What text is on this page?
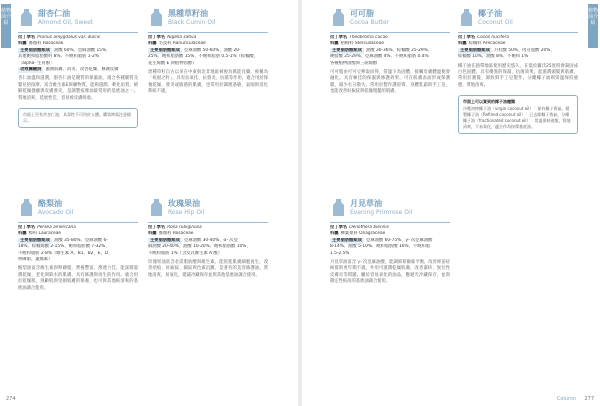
植物油介紹
植物油介紹
甜杏仁油
Almond Oil, Sweet
拉丁學名 Prunus amygdalus var. dulcis
科屬 薔薇科 Rosaceae
主要脂肪酸組成 油酸 60%、亞麻油酸 15%、
其他飽和脂肪酸約 8%，不飽和脂肪 1-2%
〔alpha- 生育酚〕
功效關鍵詞 濕潤肌膚、消炎、改善乾燥、修護皮膚
杏仁油溫和滋潤，甜杏仁油是優質的保濕油，適合各種膚質及嬰兒的按摩。富含維生素E與礦物質，能夠滋潤、軟化角質，緩解乾燥搔癢與皮膚發炎，是調製按摩油最常用的基底油之一。質地清爽、延展性佳，容易被皮膚吸收。
市面上另有苦杏仁油，具毒性不可用於人體。購買時需注意標示。
黑種草籽油
Black Cumin Oil
拉丁學名 Nigella sativa
科屬 毛茛科 Ranunculaceae
主要脂肪酸組成 亞麻油酸 50-60%、油酸 20-
25%、飽和脂肪酸 15%、不飽和脂肪 0.5-1%（棕櫚酸、
花生烯酸 E 與植物固醇）
黑種草籽自古以來在中東與北非地區被視為萬能良藥，被稱為「祝福之籽」。具有抗氧化、抗發炎、抗菌等作用，適合用於保養乾燥、發炎或敏感的肌膚，也常用於調理過敏、氣喘與消化系統不適。
可可脂
Cocoa Butter
拉丁學名 Theobroma cacao
科屬 梧桐科 Sterculiaceae
主要脂肪酸組成 油酸 30-36%、棕櫚酸 25-29%、
硬脂酸 25-29%、亞麻油酸 4%、不飽和脂肪 0.4%
各種植物固醇與三萜烯醇
可可脂由可可豆榨取而得，常溫下為固體，接觸皮膚體溫便會融化。具有極佳的保濕與修護效果，可在肌膚表面形成保護膜，減少水分散失，常用於製作護唇膏、身體乳霜與手工皂，也能改善妊娠紋與乾燥粗糙的肌膚。
椰子油
Coconut Oil
拉丁學名 Cocos nucifera
科屬 棕櫚科 Arecaceae
主要脂肪酸組成 月桂酸 50%、肉荳蔻酸 20%、
棕櫚酸 10%、油酸 8%、不飽和 1%
椰子油在熱帶地區使用歷史悠久，在低於攝氏25度時會凝固成白色固體。具有優異的保濕、抗菌效果，能滋潤頭髮與肌膚，常用於護髮、卸妝與手工皂製作。分餾椰子油則常溫保持液態，質地清爽。
市面上可以買到的椰子油種類
冷壓初榨椰子油（virgin coconut oil）：保有椰子香氣。精製椰子油（Refined coconut oil）：已去除椰子香氣。分餾椰子油（fractionated coconut oil）：常溫保持液態，質地清爽，不易氧化，適合作為按摩基底油。
酪梨油
Avocado Oil
拉丁學名 Persea americana
科屬 樟科 Lauraceae
主要脂肪酸組成 油酸 35-80%、亞麻油酸 6-
18%、棕櫚烯酸 2-15%、飽和脂肪酸 7-32%、
不飽和脂肪 2-8%（維生素 A、B1、B2、E、D、
卵磷脂、葉綠素）
酪梨油富含維生素與卵磷脂，營養豐富，滲透力佳，能深層滋潤乾燥、老化與缺水的肌膚，具有修護與再生的作用。適合用於乾燥肌、熟齡肌與受損肌膚的保養，也可與其他較清爽的基底油調合使用。
玫瑰果油
Rose Hip Oil
拉丁學名 Rosa rubiginosa
科屬 薔薇科 Rosaceae
主要脂肪酸組成 亞麻油酸 30-40%、α- 次亞
麻油酸 20-40%、油酸 10-20%、飽和脂肪酸 10%、
不飽和脂肪 1%（含反式維生素 A 酸）
玫瑰果油富含必需脂肪酸與維生素，能促進肌膚細胞再生，改善疤痕、妊娠紋、細紋與色素沉澱，是著名的美容修護油。質地清爽，易氧化，建議冷藏保存並與其他基底油調合使用。
月見草油
Evening Primrose Oil
拉丁學名 Oenothera biennis
科屬 柳葉菜科 Onagraceae
主要脂肪酸組成 亞麻油酸 60-75%、γ- 次亞麻油酸
8-14%、油酸 5-10%、飽和脂肪酸 10%、不飽和脂
1.5-2.5%
月見草油富含 γ- 次亞麻油酸，能調節荷爾蒙平衡，改善經前症候群與更年期不適。外用可滋潤乾燥肌膚，改善濕疹、異位性皮膚炎等問題。屬於容易氧化的油品，應避光冷藏保存，並與穩定性較高的基底油調合使用。
274	Column 277
